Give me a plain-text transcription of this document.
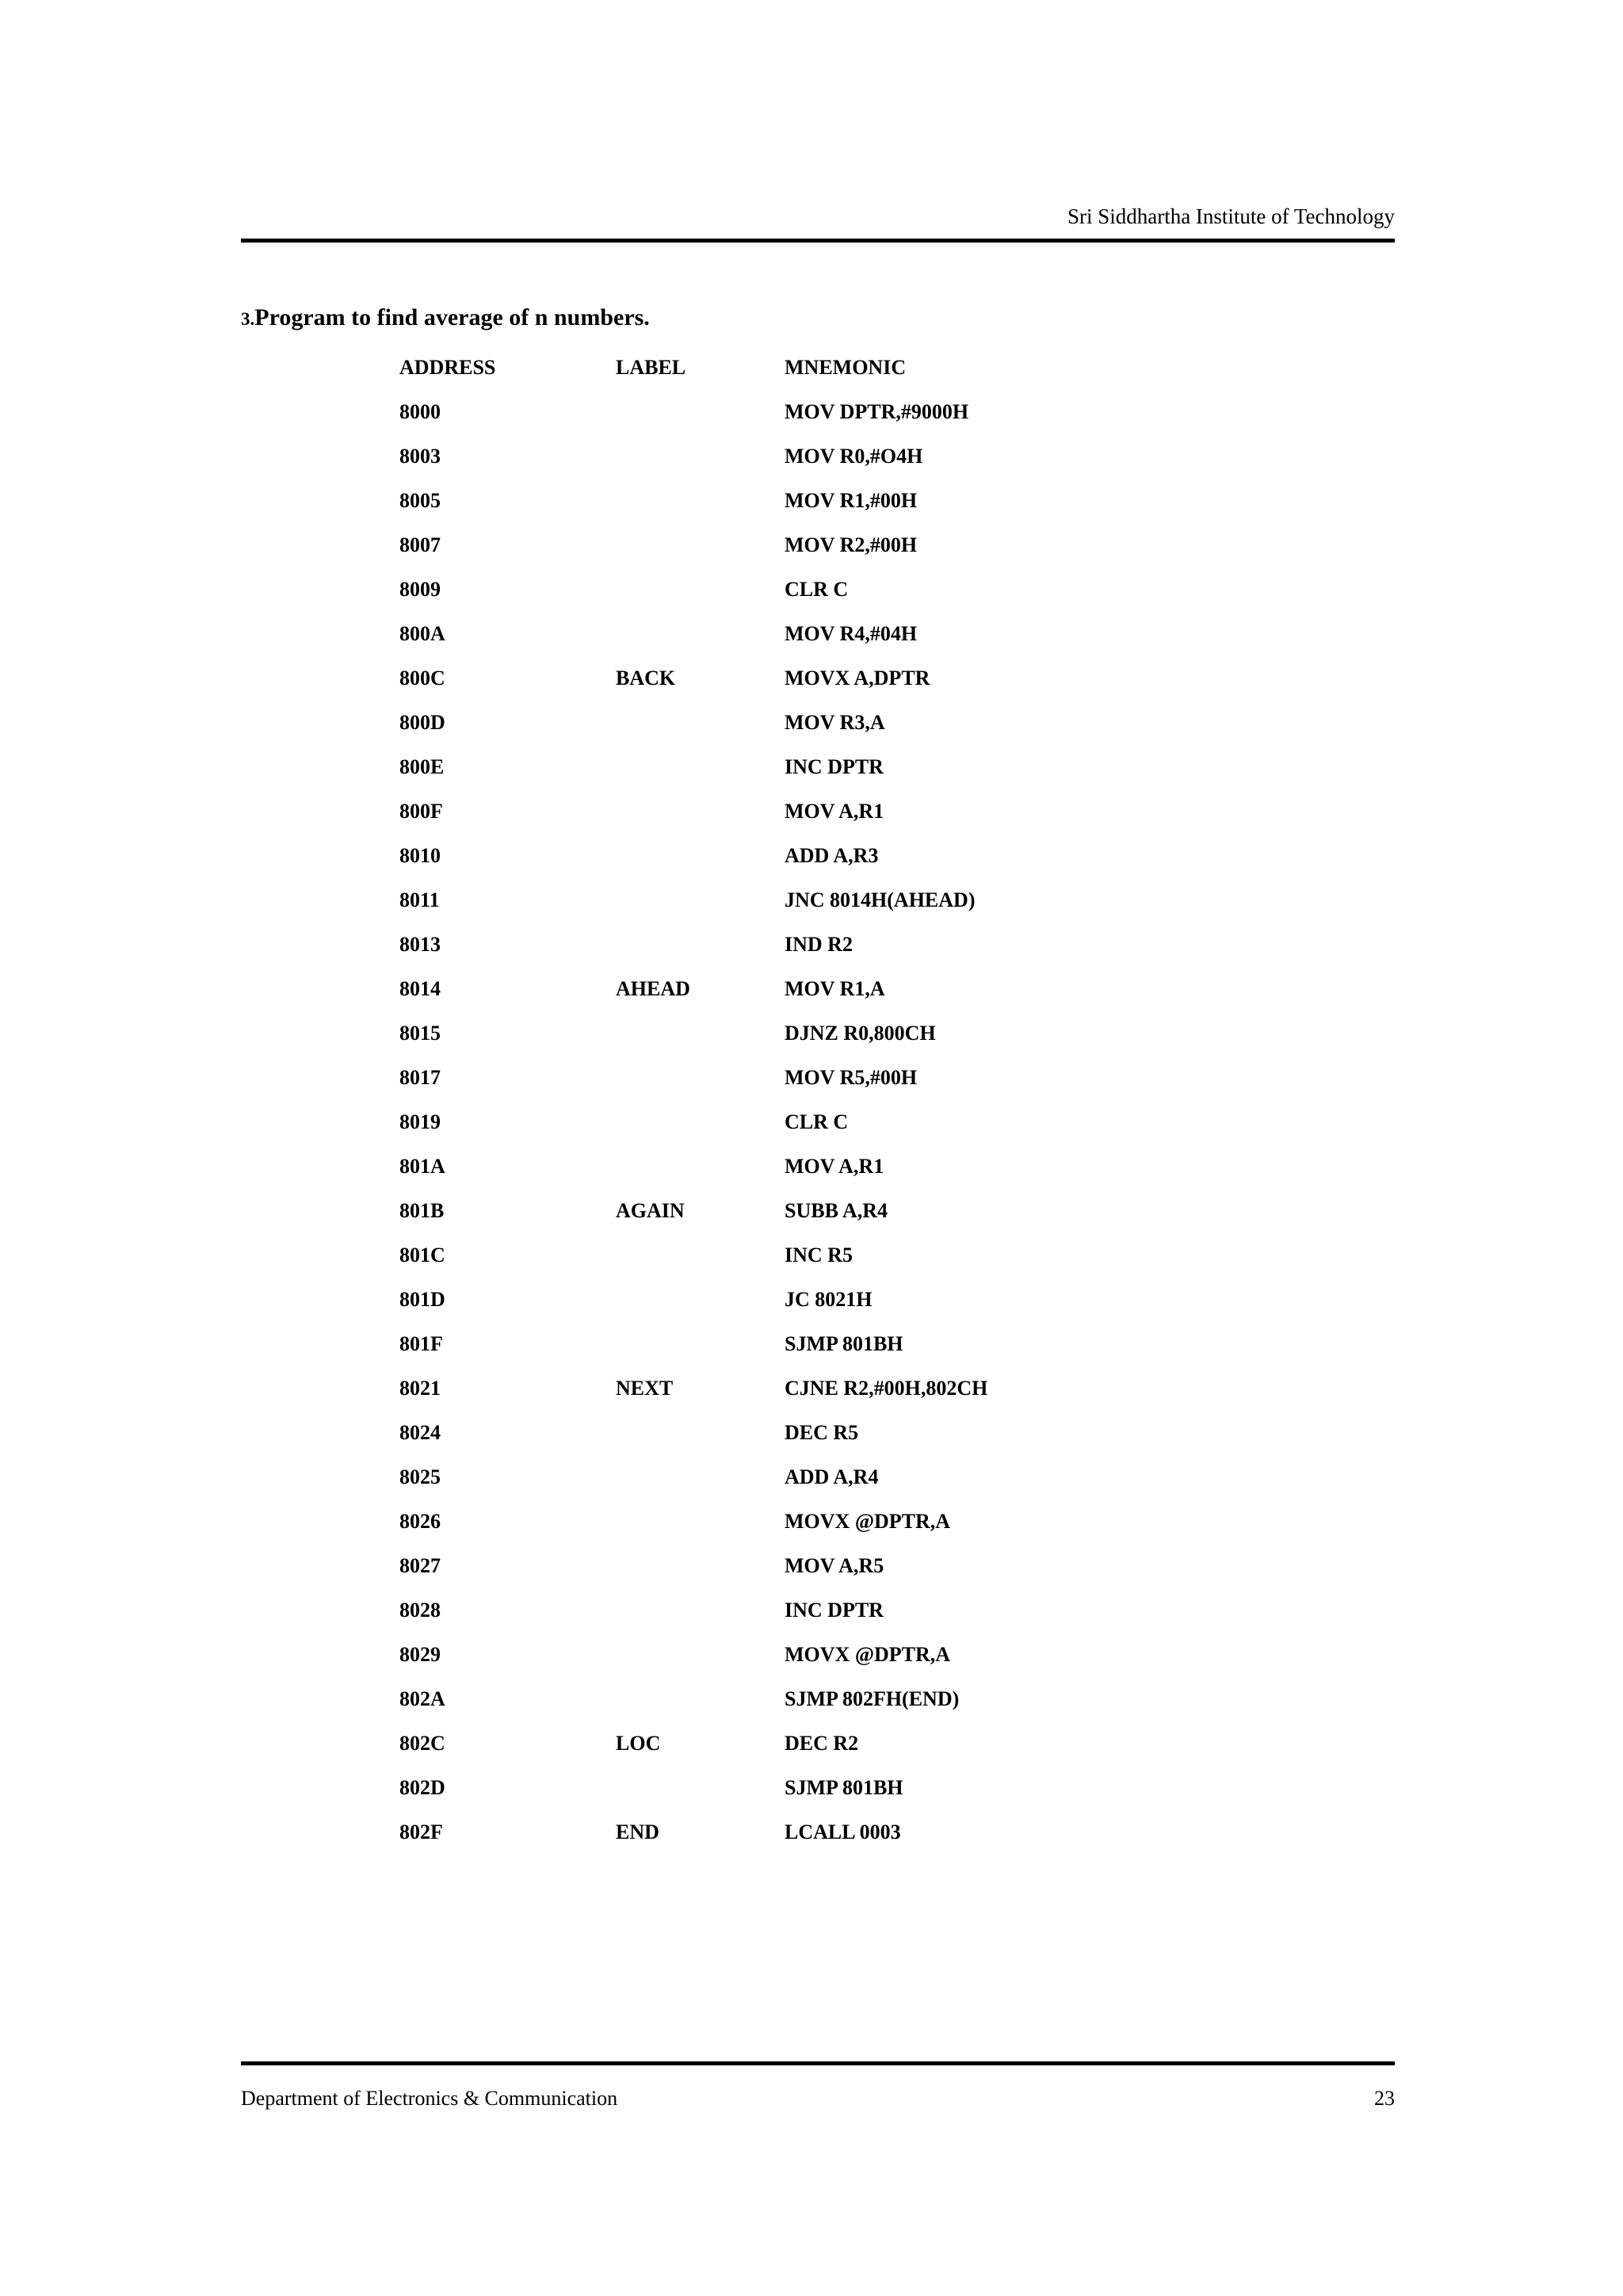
Sri Siddhartha Institute of Technology
3.Program to find average of n numbers.
ADDRESS	LABEL	MNEMONIC
8000		MOV DPTR,#9000H
8003		MOV R0,#O4H
8005		MOV R1,#00H
8007		MOV R2,#00H
8009		CLR C
800A		MOV R4,#04H
800C	BACK	MOVX A,DPTR
800D		MOV R3,A
800E		INC DPTR
800F		MOV A,R1
8010		ADD A,R3
8011		JNC 8014H(AHEAD)
8013		IND R2
8014	AHEAD	MOV R1,A
8015		DJNZ R0,800CH
8017		MOV R5,#00H
8019		CLR C
801A		MOV A,R1
801B	AGAIN	SUBB A,R4
801C		INC R5
801D		JC 8021H
801F		SJMP 801BH
8021	NEXT	CJNE R2,#00H,802CH
8024		DEC R5
8025		ADD A,R4
8026		MOVX @DPTR,A
8027		MOV A,R5
8028		INC DPTR
8029		MOVX @DPTR,A
802A		SJMP 802FH(END)
802C	LOC	DEC R2
802D		SJMP 801BH
802F	END	LCALL 0003
Department of Electronics & Communication	23
